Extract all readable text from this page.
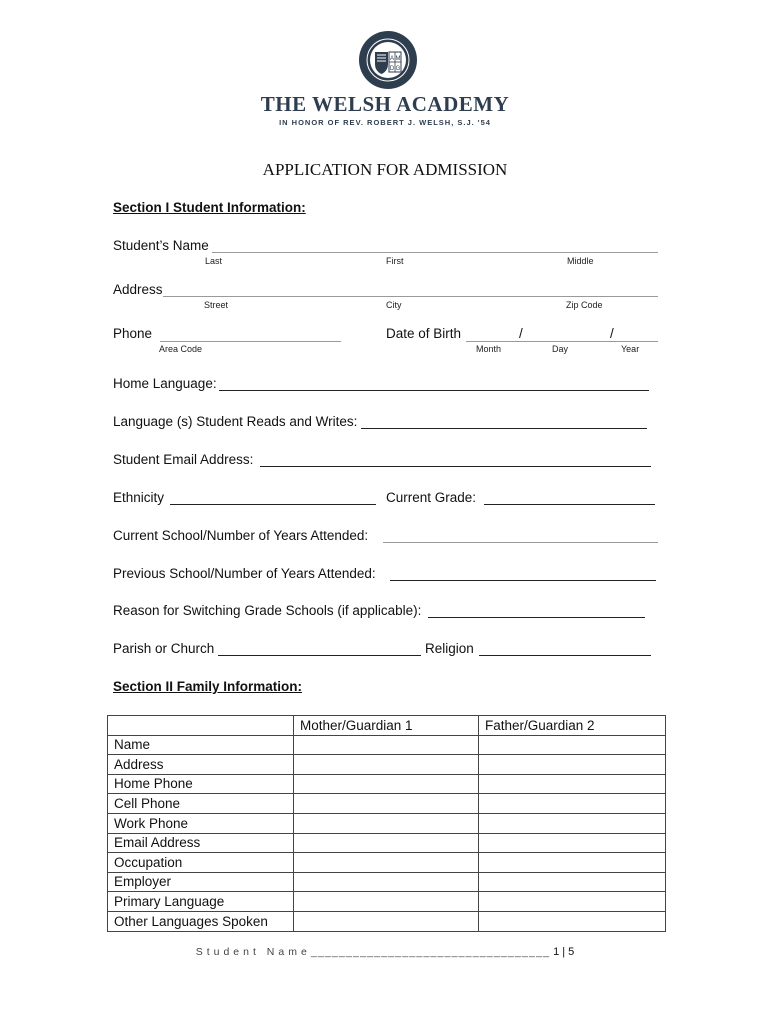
A M
D G
THE WELSH ACADEMY
IN HONOR OF REV. ROBERT J. WELSH, S.J. '54
APPLICATION FOR ADMISSION
Section I Student Information:
Student’s Name
Last	First	Middle
Address
Street	City	Zip Code
Phone
Area Code
Date of Birth	/	/
Month	Day	Year
Home Language:
Language (s) Student Reads and Writes:
Student Email Address:
Ethnicity	Current Grade:
Current School/Number of Years Attended:
Previous School/Number of Years Attended:
Reason for Switching Grade Schools (if applicable):
Parish or Church	Religion
Section II Family Information:
	Mother/Guardian 1	Father/Guardian 2
Name		
Address		
Home Phone		
Cell Phone		
Work Phone		
Email Address		
Occupation		
Employer		
Primary Language		
Other Languages Spoken		
Student Name__________________________________ 1 | 5
